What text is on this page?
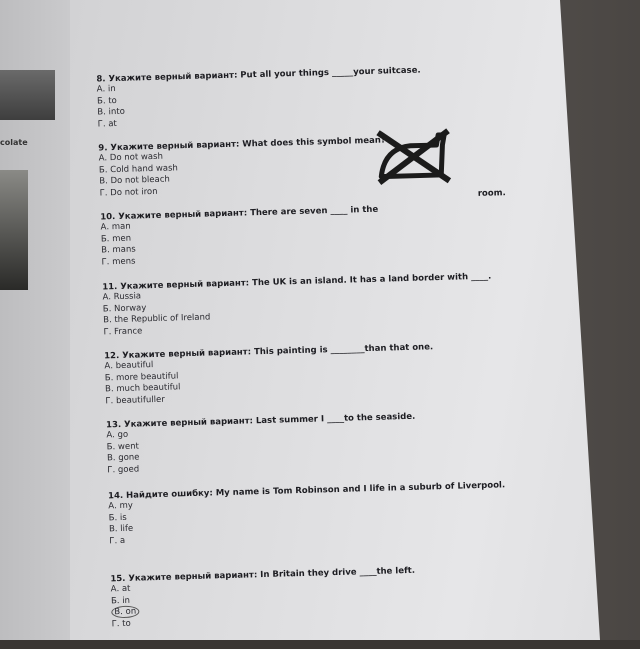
colate
8. Укажите верный вариант: Put all your things _____your suitcase.
А. in
Б. to
В. into
Г. at
9. Укажите верный вариант: What does this symbol mean?
А. Do not wash
Б. Cold hand wash
В. Do not bleach
Г. Do not iron
10. Укажите верный вариант: There are seven ____ in the
А. man
Б. men
В. mans
Г. mens
room.
11. Укажите верный вариант: The UK is an island. It has a land border with ____.
А. Russia
Б. Norway
В. the Republic of Ireland
Г. France
12. Укажите верный вариант: This painting is ________than that one.
А. beautiful
Б. more beautiful
В. much beautiful
Г. beautifuller
13. Укажите верный вариант: Last summer I ____to the seaside.
А. go
Б. went
В. gone
Г. goed
14. Найдите ошибку: My name is Tom Robinson and I life in a suburb of Liverpool.
А. my
Б. is
В. life
Г. a
15. Укажите верный вариант: In Britain they drive ____the left.
А. at
Б. in
В. on
Г. to
